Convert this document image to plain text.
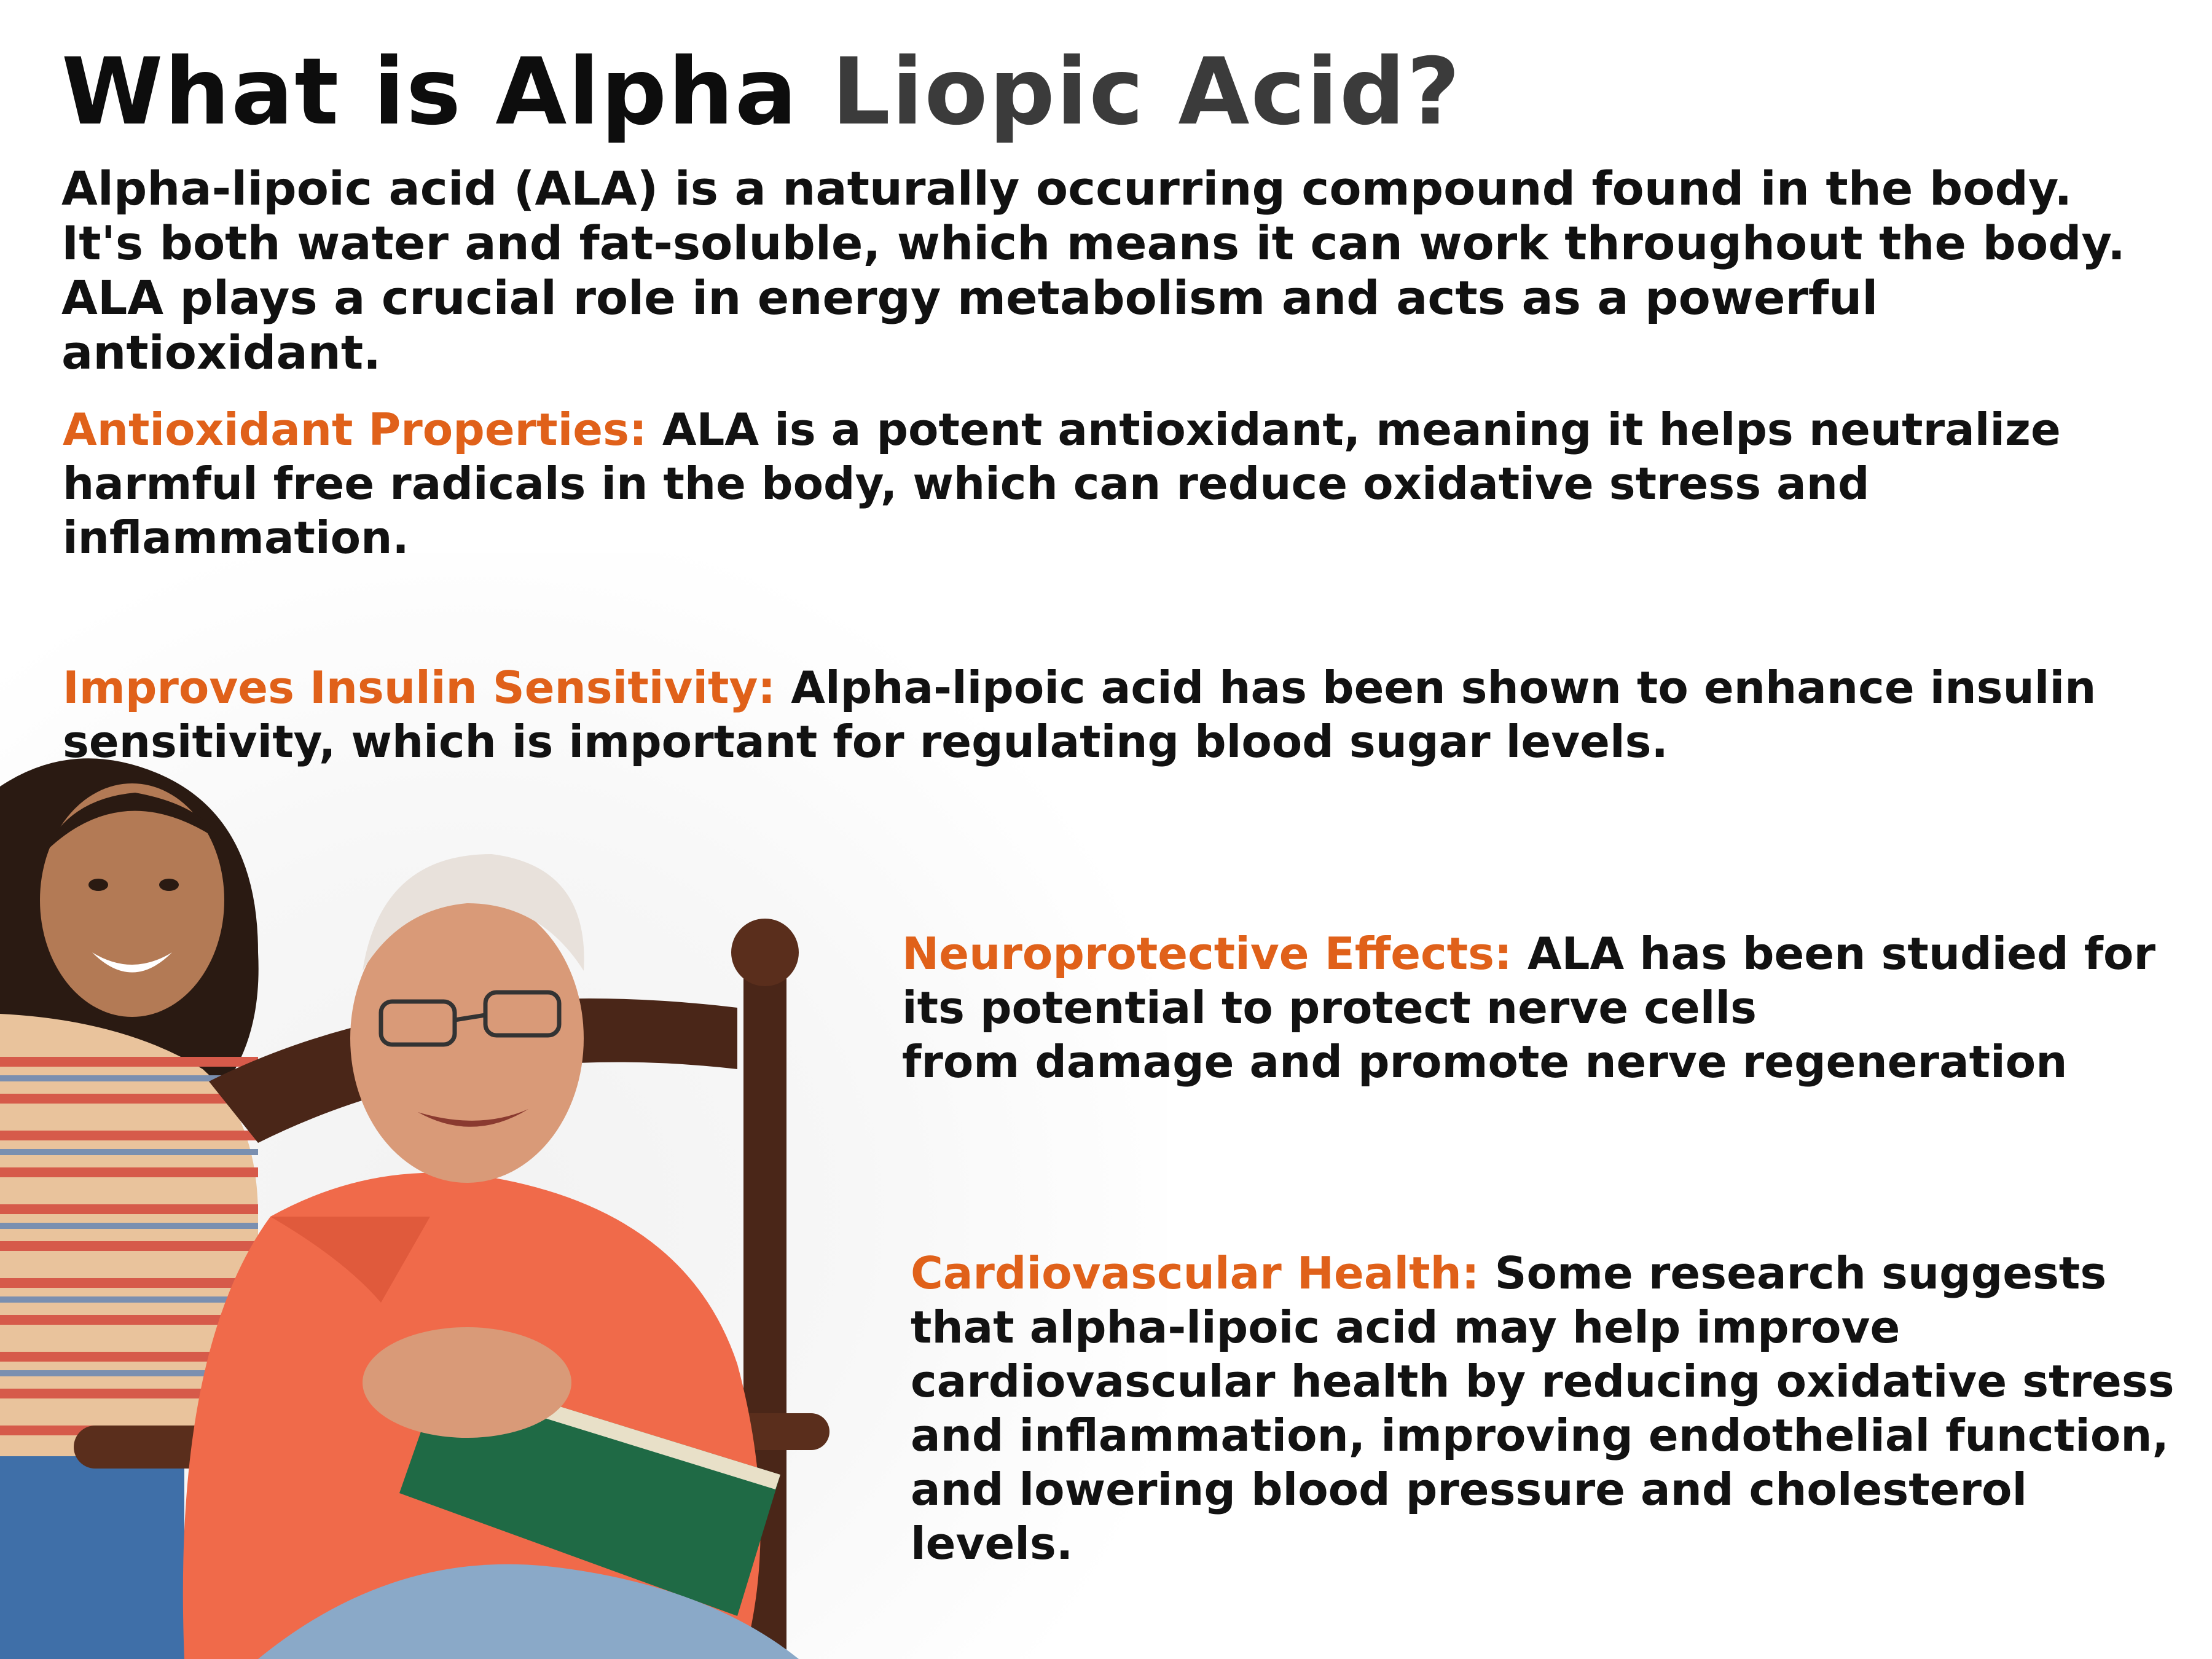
What is Alpha Liopic Acid?

Alpha-lipoic acid (ALA) is a naturally occurring compound found in the body. It's both water and fat-soluble, which means it can work throughout the body. ALA plays a crucial role in energy metabolism and acts as a powerful antioxidant.

Antioxidant Properties: ALA is a potent antioxidant, meaning it helps neutralize harmful free radicals in the body, which can reduce oxidative stress and inflammation.

Improves Insulin Sensitivity: Alpha-lipoic acid has been shown to enhance insulin sensitivity, which is important for regulating blood sugar levels.

Neuroprotective Effects: ALA has been studied for its potential to protect nerve cells
from damage and promote nerve regeneration

Cardiovascular Health: Some research suggests that alpha-lipoic acid may help improve cardiovascular health by reducing oxidative stress and inflammation, improving endothelial function, and lowering blood pressure and cholesterol levels.
